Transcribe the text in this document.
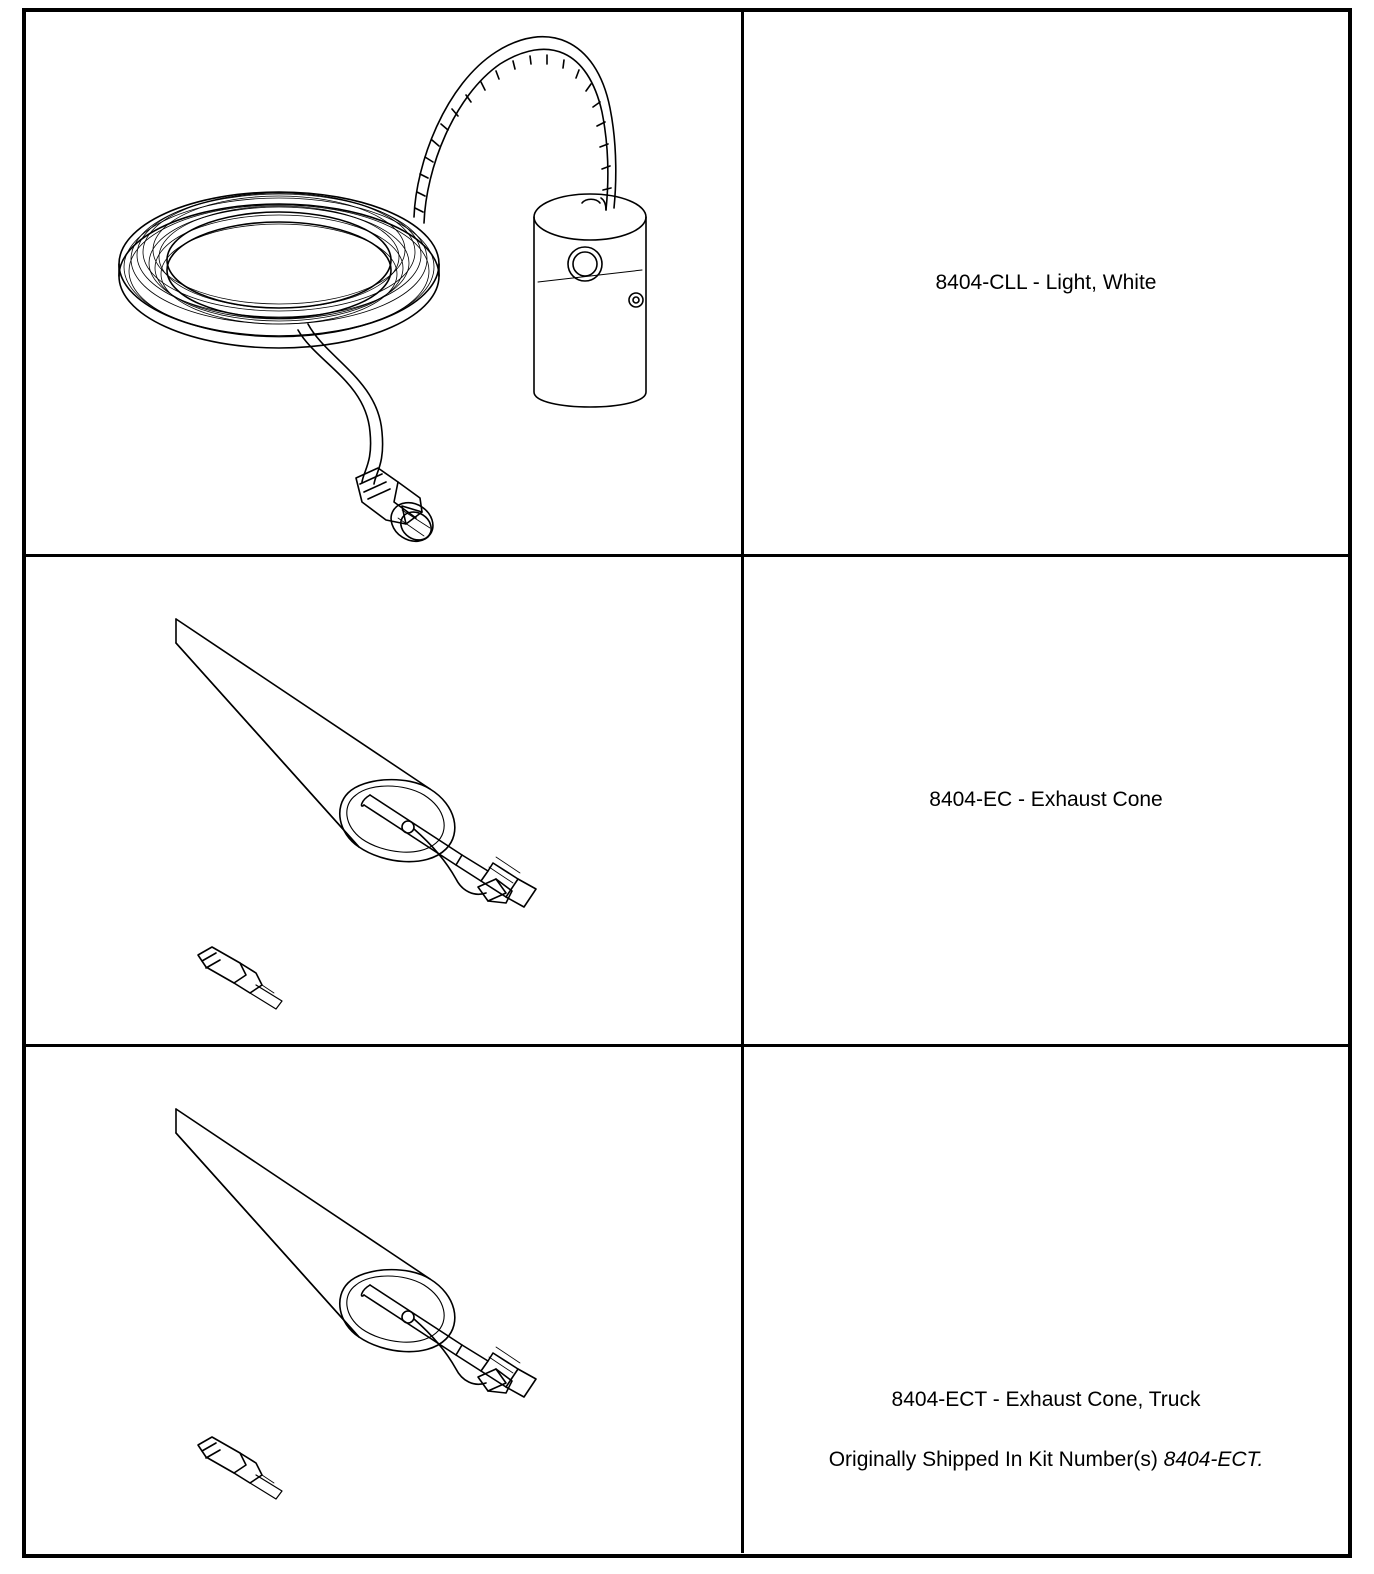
8404-CLL - Light, White
8404-EC - Exhaust Cone

8404-ECT - Exhaust Cone, Truck

Originally Shipped In Kit Number(s) 8404-ECT.
